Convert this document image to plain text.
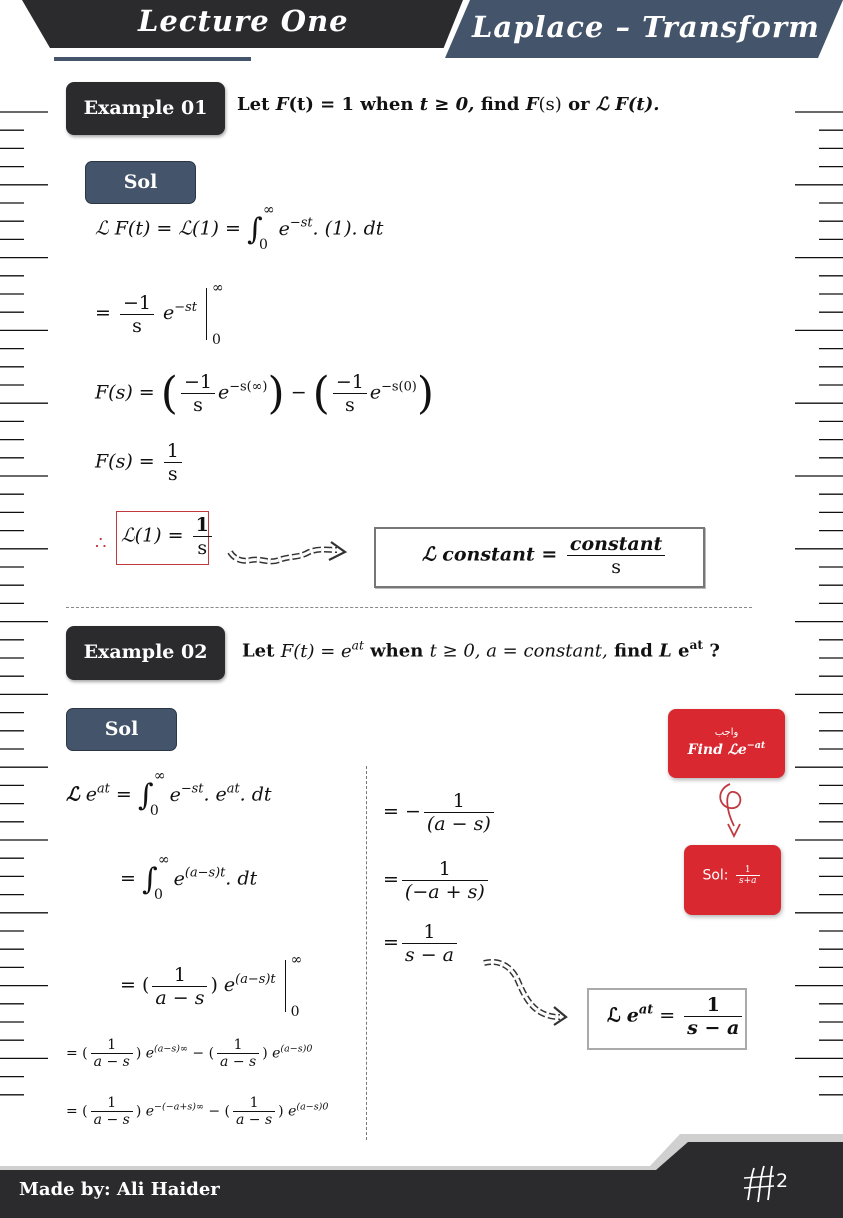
Lecture One	Laplace – Transform
Example 01	Let F(t) = 1 when t ≥ 0, find F(s) or ℒ F(t).
Sol
ℒ F(t) = ℒ(1) = ∫
∞
0
$e^{-st}$. (1). dt
= $\frac{-1}{s} e^{-st}$
∞
0
F(s) = ( $\frac{-1}{s} e^{-s(\infty)}$) − ( $\frac{-1}{s} e^{-s(0)}$)
$F(s) = \frac{1}{s}$
∴ ℒ(1) = $\frac{1}{s}$	ℒ constant = $\frac{\text{constant}}{s}$
Example 02	Let $F(t) = e^{at}$ when t ≥ 0, a = constant, find L $e^{at}$ ?
Sol
ℒ $e^{at}$ = ∫
∞
0
$e^{-st}$. $e^{at}$. dt
= ∫
∞
0
$e^{(a-s)t}$. dt
= ( $\frac{1}{a - s}$ ) $e^{(a-s)t}$
∞
0
= ( $\frac{1}{a - s}$ ) $e^{(a-s)\infty}$ − ( $\frac{1}{a - s}$ ) $e^{(a-s)0}$
= ( $\frac{1}{a - s}$ ) $e^{-(-a+s)\infty}$ − ( $\frac{1}{a - s}$ ) $e^{(a-s)0}$
= − $\frac{1}{(a - s)}$
= $\frac{1}{(-a + s)}$
= $\frac{1}{s - a}$
ℒ $e^{at} = \frac{1}{s - a}$
واجب
Find ℒe$^{-at}$
Sol: $\frac{1}{s+a}$
Made by: Ali Haider	2
